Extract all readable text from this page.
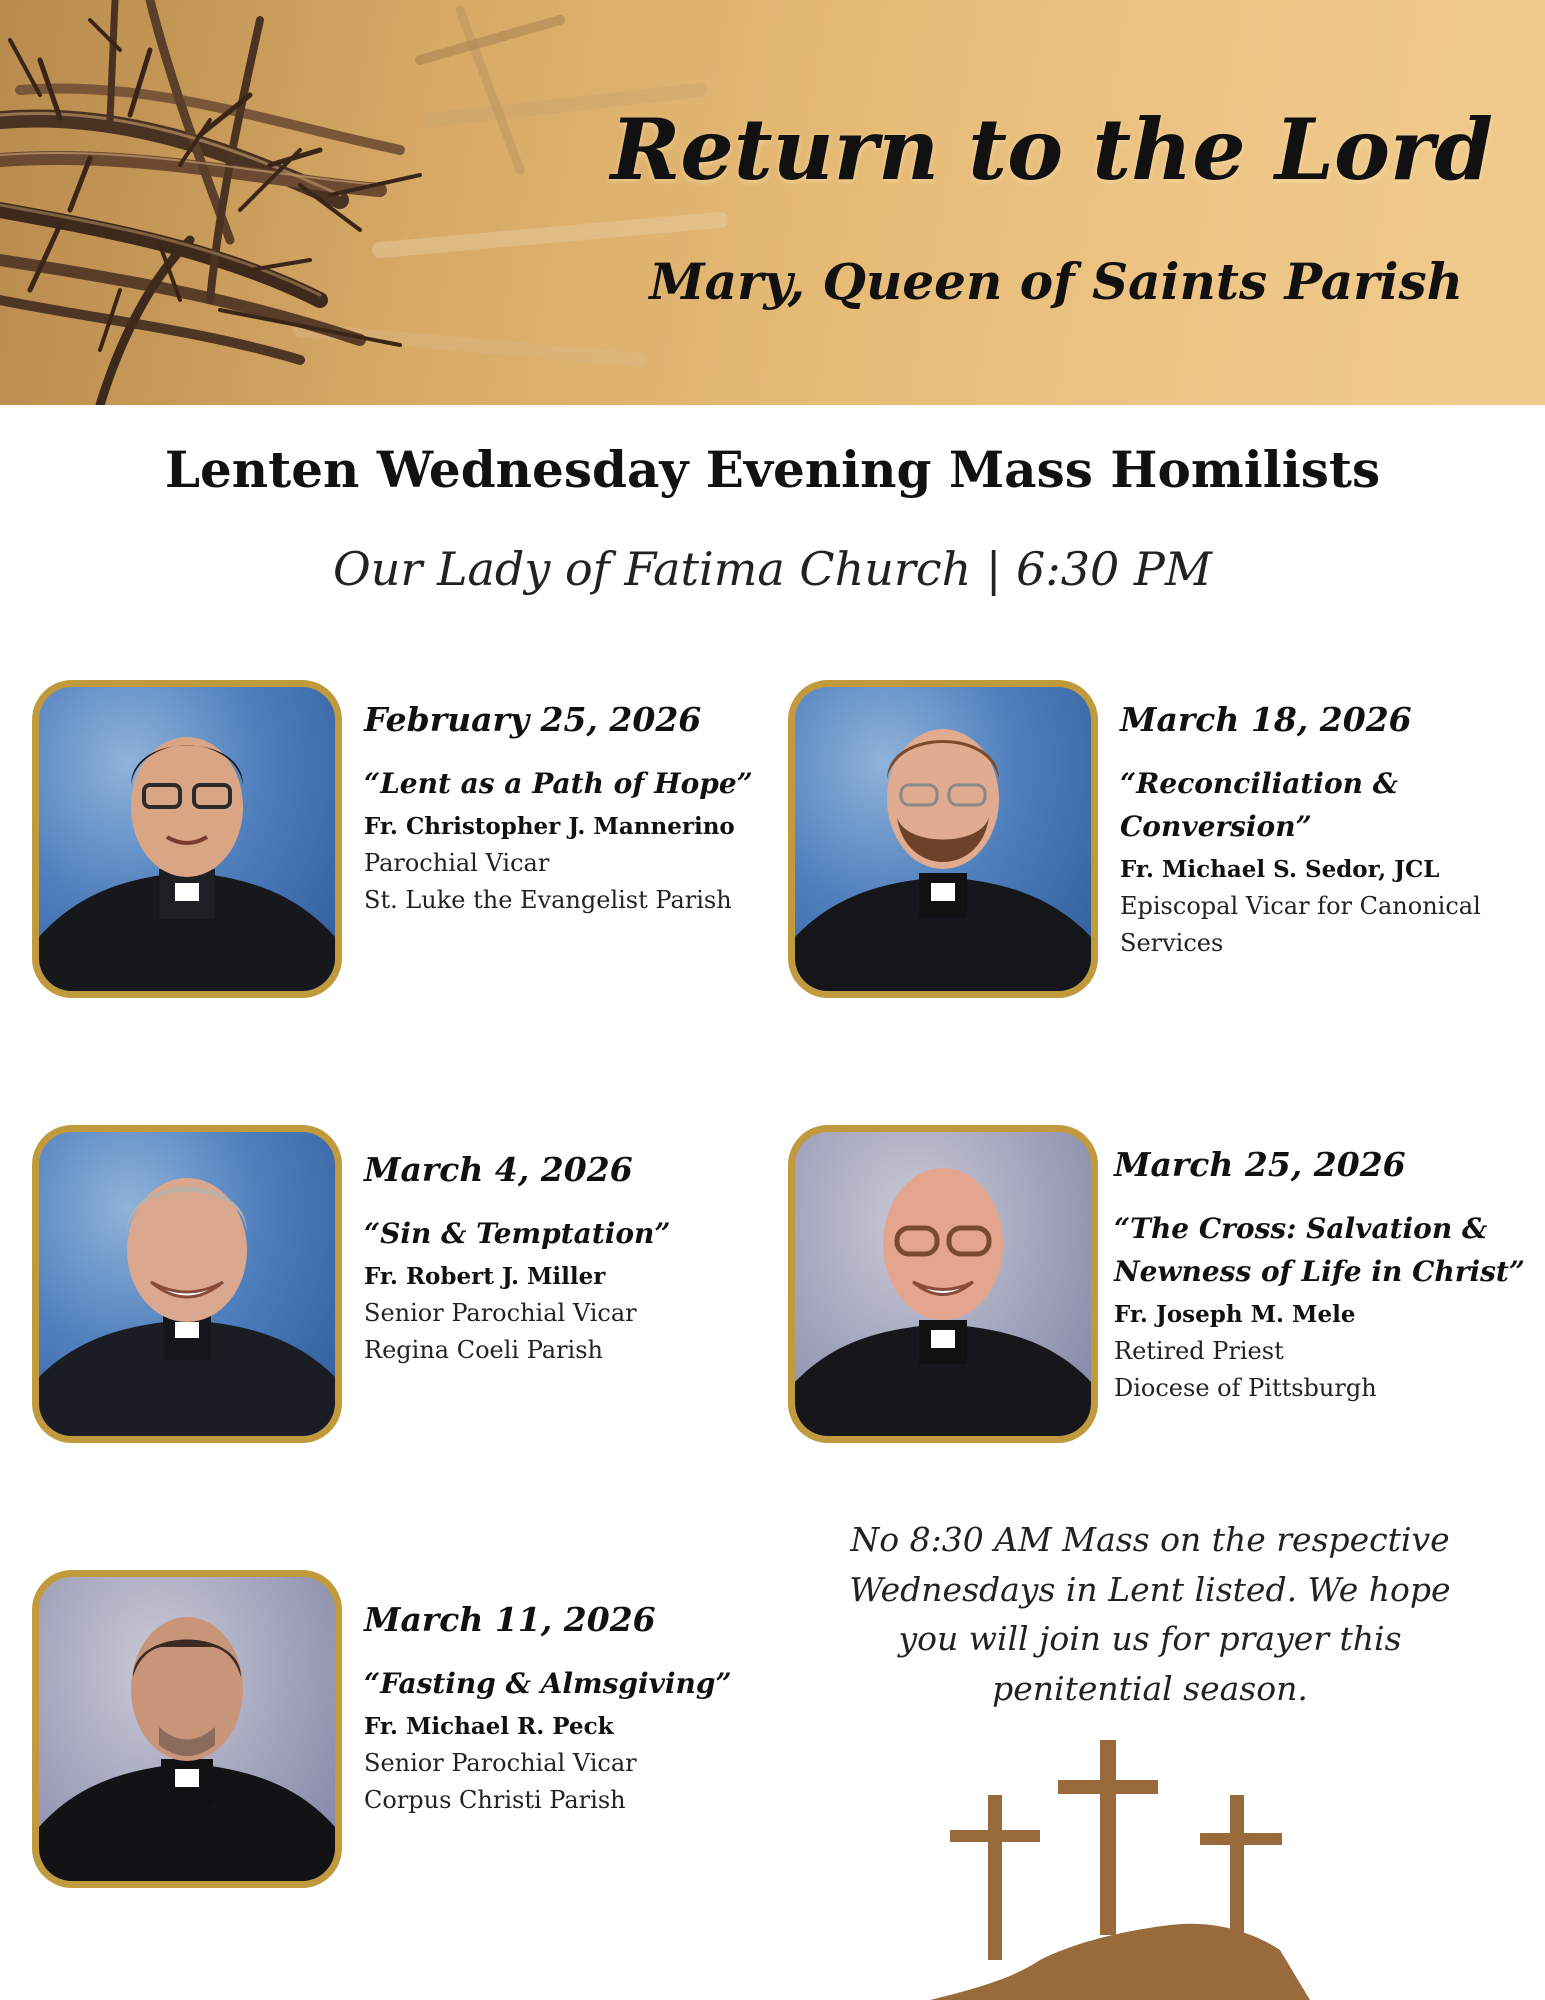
Return to the Lord
Mary, Queen of Saints Parish
Lenten Wednesday Evening Mass Homilists
Our Lady of Fatima Church | 6:30 PM
February 25, 2026
“Lent as a Path of Hope”
Fr. Christopher J. Mannerino
Parochial Vicar
St. Luke the Evangelist Parish
March 4, 2026
“Sin & Temptation”
Fr. Robert J. Miller
Senior Parochial Vicar
Regina Coeli Parish
March 11, 2026
“Fasting & Almsgiving”
Fr. Michael R. Peck
Senior Parochial Vicar
Corpus Christi Parish
March 18, 2026
“Reconciliation & Conversion”
Fr. Michael S. Sedor, JCL
Episcopal Vicar for Canonical Services
March 25, 2026
“The Cross: Salvation & Newness of Life in Christ”
Fr. Joseph M. Mele
Retired Priest
Diocese of Pittsburgh
No 8:30 AM Mass on the respective Wednesdays in Lent listed. We hope you will join us for prayer this penitential season.
